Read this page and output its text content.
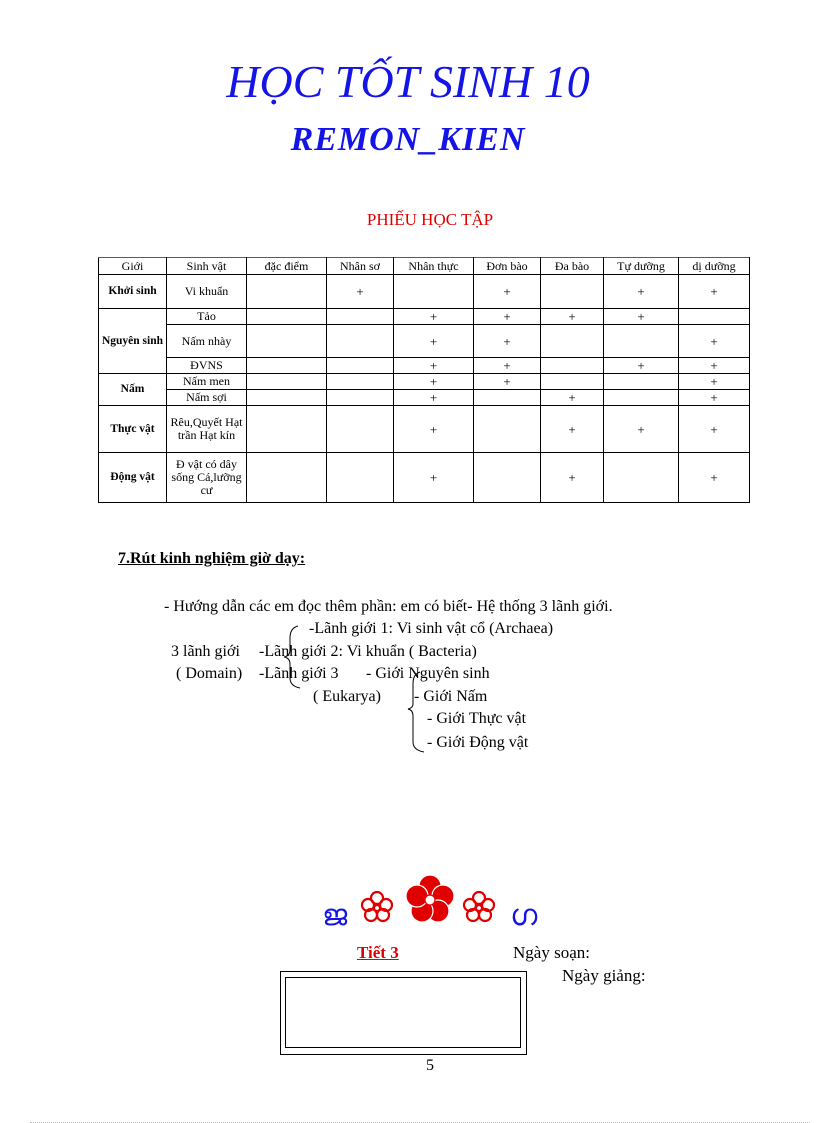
HỌC TỐT SINH 10
REMON_KIEN
PHIẾU HỌC TẬP
Giới	Sinh vật	đặc điểm	Nhân sơ	Nhân thực	Đơn bào	Đa bào	Tự dưỡng	dị dưỡng
Khởi sinh	Vi khuẩn		+		+		+	+
Nguyên sinh	Tảo			+	+	+	+	
	Nấm nhày			+	+			+
	ĐVNS			+	+		+	+
Nấm	Nấm men			+	+			+
	Nấm sợi			+		+		+
Thực vật	Rêu,Quyết Hạt trần Hạt kín			+		+	+	+
Động vật	Đ vật có dây sống Cá,lưỡng cư			+		+		+
7.Rút kinh nghiệm giờ dạy:
- Hướng dẫn các em đọc thêm phần: em có biết- Hệ thống 3 lãnh giới.
-Lãnh giới 1: Vi sinh vật cổ (Archaea)
3 lãnh giới -Lãnh giới 2: Vi khuẩn ( Bacteria)
( Domain) -Lãnh giới 3 - Giới Nguyên sinh
( Eukarya) - Giới Nấm
- Giới Thực vật
- Giới Động vật
ജ	ഗ
Tiết 3	Ngày soạn:
Ngày giảng:
5
